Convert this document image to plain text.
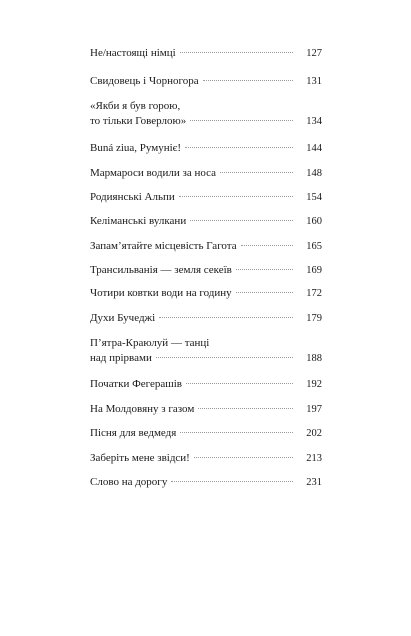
Не/настоящі німці	127
Свидовець і Чорногора	131
«Якби я був горою,
то тільки Говерлою»	134
Buná ziua, Румуніє!	144
Мармароси водили за носа	148
Родиянські Альпи	154
Келіманські вулкани	160
Запам’ятайте місцевість Гагота	165
Трансильванія — земля секеїв	169
Чотири ковтки води на годину	172
Духи Бучеджі	179
П’ятра-Краюлуй — танці
над прірвами	188
Початки Фегерашів	192
На Молдовяну з газом	197
Пісня для ведмедя	202
Заберіть мене звідси!	213
Слово на дорогу	231
